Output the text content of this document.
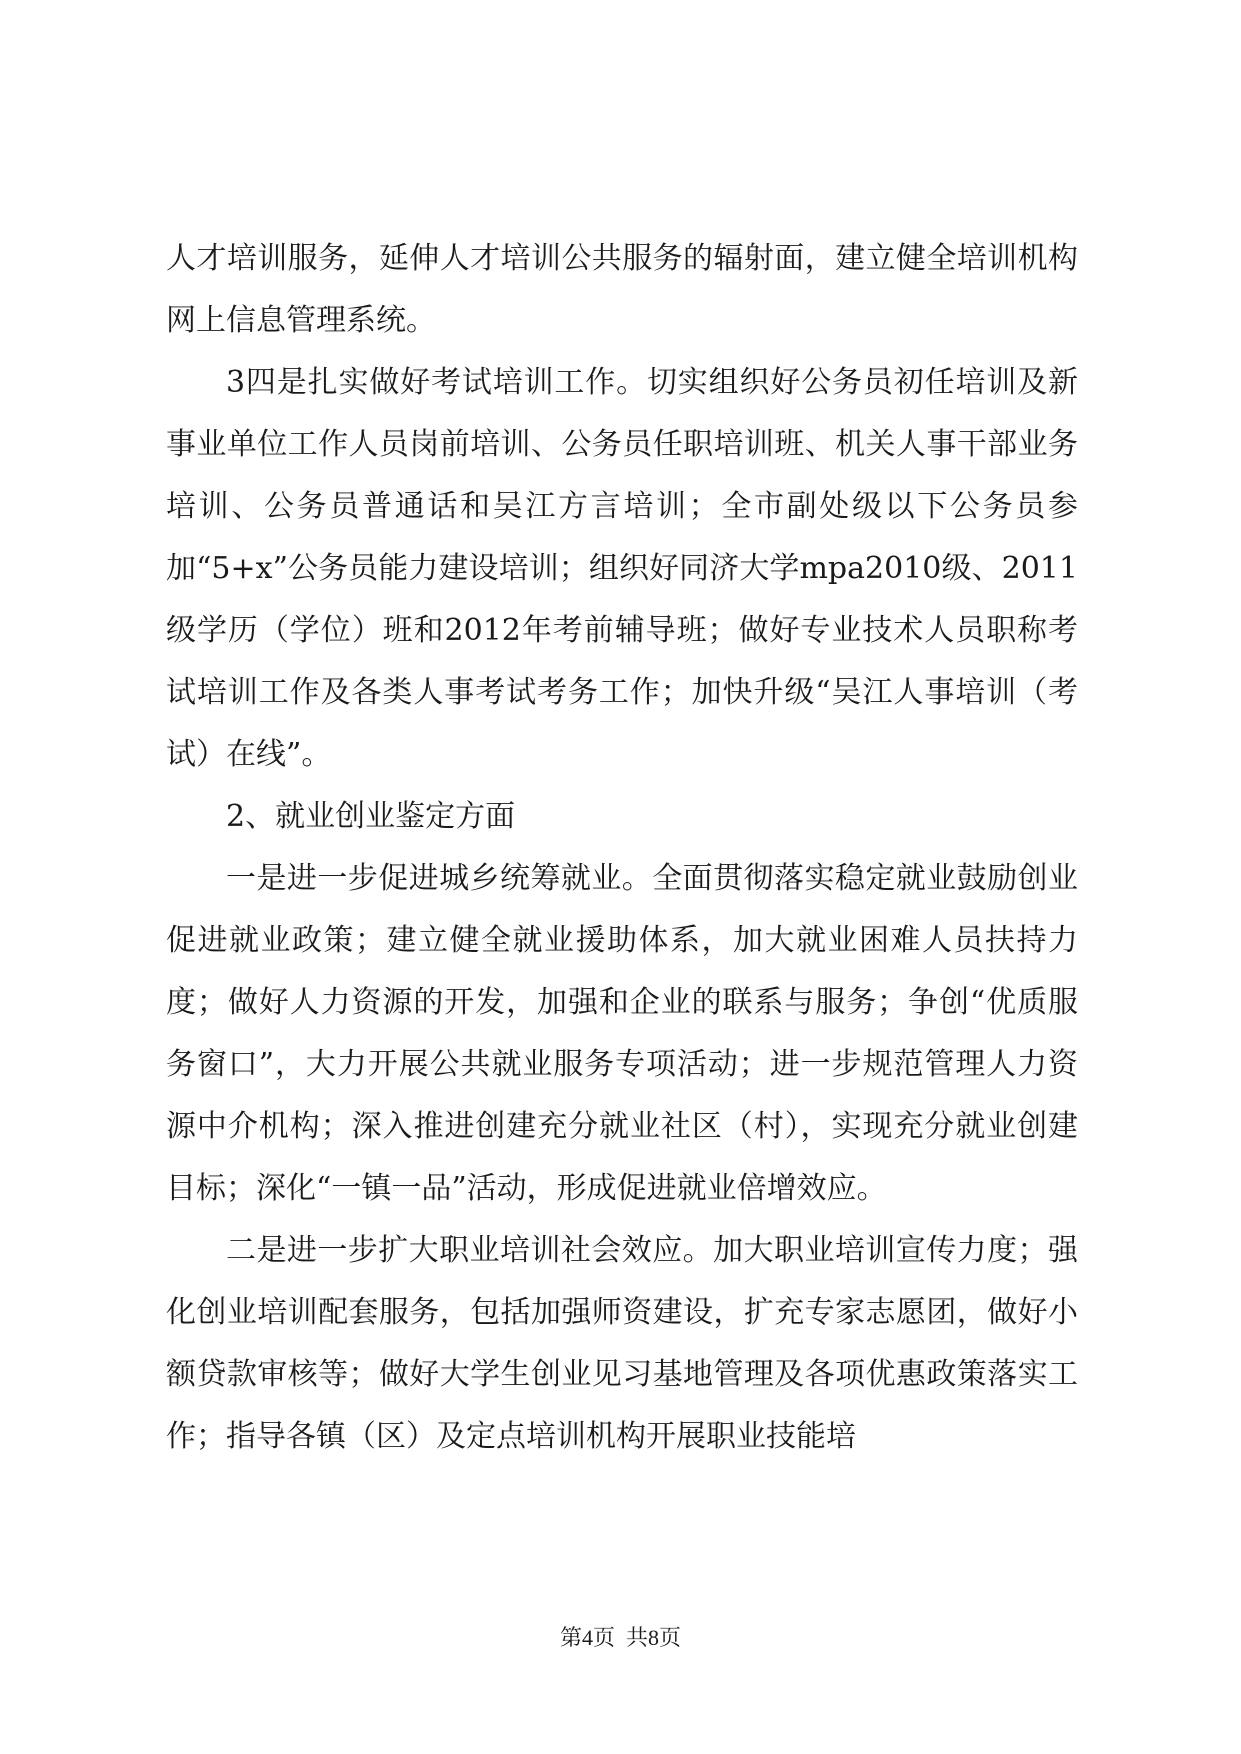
人才培训服务，延伸人才培训公共服务的辐射面，建立健全培训机构网上信息管理系统。

3四是扎实做好考试培训工作。切实组织好公务员初任培训及新事业单位工作人员岗前培训、公务员任职培训班、机关人事干部业务培训、公务员普通话和吴江方言培训；全市副处级以下公务员参加“5+x”公务员能力建设培训；组织好同济大学mpa2010级、2011级学历（学位）班和2012年考前辅导班；做好专业技术人员职称考试培训工作及各类人事考试考务工作；加快升级“吴江人事培训（考试）在线”。

2、就业创业鉴定方面

一是进一步促进城乡统筹就业。全面贯彻落实稳定就业鼓励创业促进就业政策；建立健全就业援助体系，加大就业困难人员扶持力度；做好人力资源的开发，加强和企业的联系与服务；争创“优质服务窗口”，大力开展公共就业服务专项活动；进一步规范管理人力资源中介机构；深入推进创建充分就业社区（村），实现充分就业创建目标；深化“一镇一品”活动，形成促进就业倍增效应。

二是进一步扩大职业培训社会效应。加大职业培训宣传力度；强化创业培训配套服务，包括加强师资建设，扩充专家志愿团，做好小额贷款审核等；做好大学生创业见习基地管理及各项优惠政策落实工作；指导各镇（区）及定点培训机构开展职业技能培

第4页  共8页
